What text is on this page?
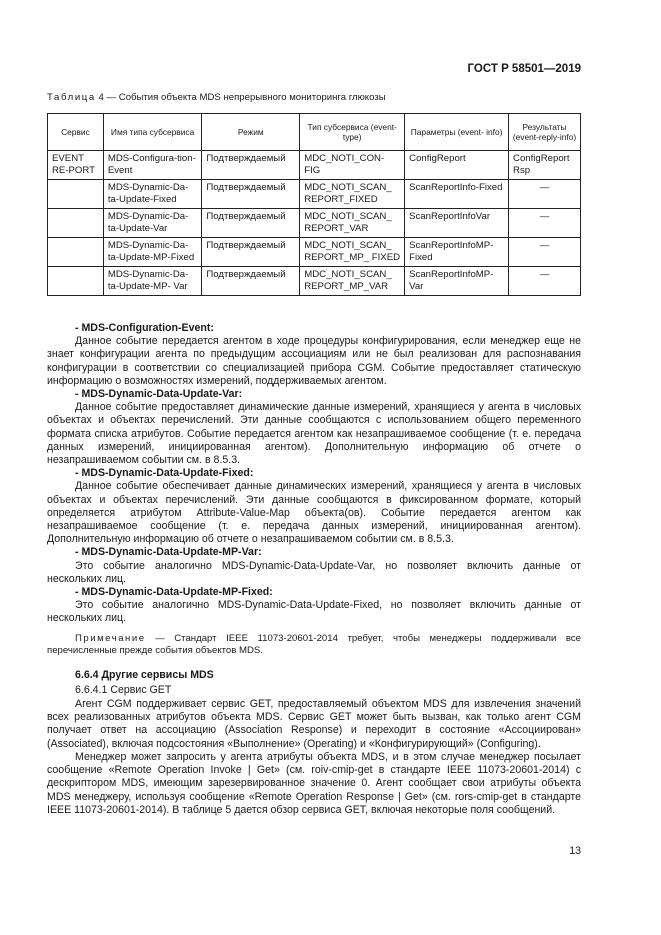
ГОСТ Р 58501—2019
Таблица 4 — События объекта MDS непрерывного мониторинга глюкозы
Сервис	Имя типа субсервиса	Режим	Тип субсервиса (event-type)	Параметры (event- info)	Результаты (event-reply-info)
EVENT RE-PORT	MDS-Configura-tion-Event	Подтверждаемый	MDC_NOTI_CON-FIG	ConfigReport	ConfigReport Rsp
	MDS-Dynamic-Da-ta-Update-Fixed	Подтверждаемый	MDC_NOTI_SCAN_ REPORT_FIXED	ScanReportInfo-Fixed	—
	MDS-Dynamic-Da-ta-Update-Var	Подтверждаемый	MDC_NOTI_SCAN_ REPORT_VAR	ScanReportInfoVar	—
	MDS-Dynamic-Da-ta-Update-MP-Fixed	Подтверждаемый	MDC_NOTI_SCAN_ REPORT_MP_ FIXED	ScanReportInfoMP-Fixed	—
	MDS-Dynamic-Da-ta-Update-MP- Var	Подтверждаемый	MDC_NOTI_SCAN_ REPORT_MP_VAR	ScanReportInfoMP-Var	—

- MDS-Configuration-Event:

Данное событие передается агентом в ходе процедуры конфигурирования, если менеджер еще не знает конфигурации агента по предыдущим ассоциациям или не был реализован для распознавания конфигурации в соответствии со специализацией прибора CGM. Событие предоставляет статическую информацию о возможностях измерений, поддерживаемых агентом.

- MDS-Dynamic-Data-Update-Var:

Данное событие предоставляет динамические данные измерений, хранящиеся у агента в числовых объектах и объектах перечислений. Эти данные сообщаются с использованием общего переменного формата списка атрибутов. Событие передается агентом как незапрашиваемое сообщение (т. е. передача данных измерений, инициированная агентом). Дополнительную информацию об отчете о незапрашиваемом событии см. в 8.5.3.

- MDS-Dynamic-Data-Update-Fixed:

Данное событие обеспечивает данные динамических измерений, хранящиеся у агента в числовых объектах и объектах перечислений. Эти данные сообщаются в фиксированном формате, который определяется атрибутом Attribute-Value-Map объекта(ов). Событие передается агентом как незапрашиваемое сообщение (т. е. передача данных измерений, инициированная агентом). Дополнительную информацию об отчете о незапрашиваемом событии см. в 8.5.3.

- MDS-Dynamic-Data-Update-MP-Var:

Это событие аналогично MDS-Dynamic-Data-Update-Var, но позволяет включить данные от нескольких лиц.

- MDS-Dynamic-Data-Update-MP-Fixed:

Это событие аналогично MDS-Dynamic-Data-Update-Fixed, но позволяет включить данные от нескольких лиц.

Примечание — Стандарт IEEE 11073-20601-2014 требует, чтобы менеджеры поддерживали все перечисленные прежде события объектов MDS.

6.6.4 Другие сервисы MDS

6.6.4.1 Сервис GET

Агент CGM поддерживает сервис GET, предоставляемый объектом MDS для извлечения значений всех реализованных атрибутов объекта MDS. Сервис GET может быть вызван, как только агент CGM получает ответ на ассоциацию (Association Response) и переходит в состояние «Ассоциирован» (Associated), включая подсостояния «Выполнение» (Operating) и «Конфигурирующий» (Configuring).

Менеджер может запросить у агента атрибуты объекта MDS, и в этом случае менеджер посылает сообщение «Remote Operation Invoke | Get» (см. roiv-cmip-get в стандарте IEEE 11073-20601-2014) с дескриптором MDS, имеющим зарезервированное значение 0. Агент сообщает свои атрибуты объекта MDS менеджеру, используя сообщение «Remote Operation Response | Get» (см. rors-cmip-get в стандарте IEEE 11073-20601-2014). В таблице 5 дается обзор сервиса GET, включая некоторые поля сообщений.

13
